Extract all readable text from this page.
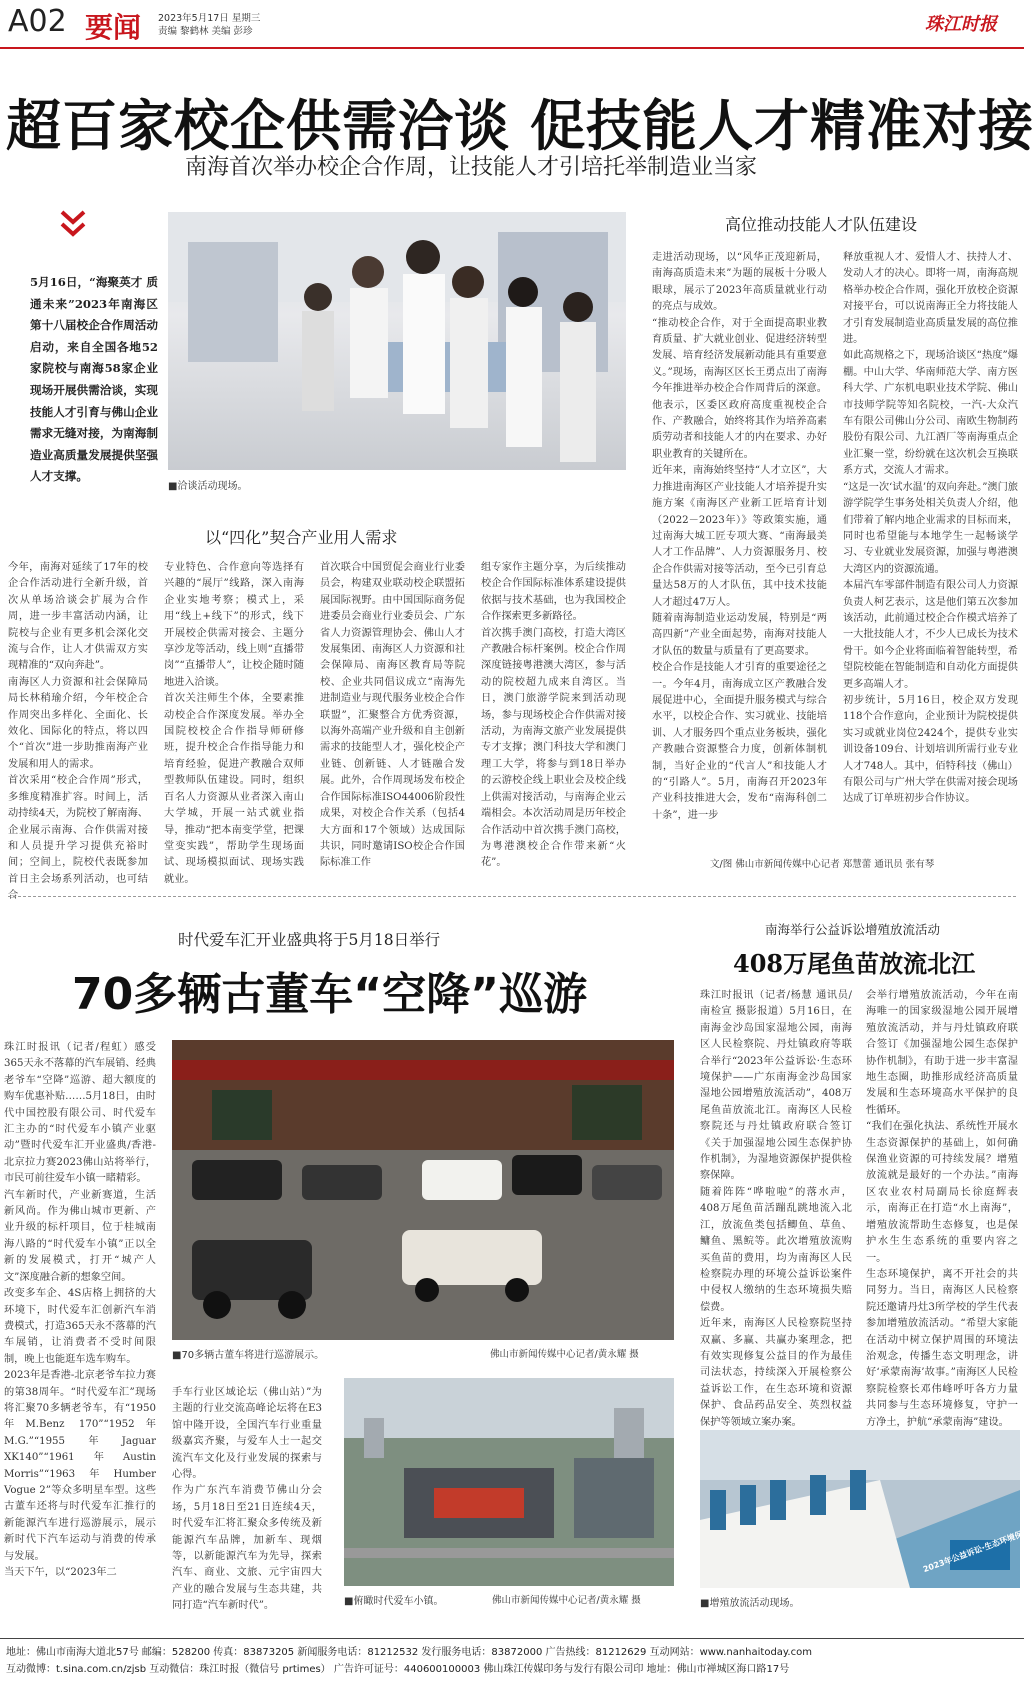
A02 要闻 2023年5月17日 星期三
责编 黎鹤林 美编 彭珍	珠江时报
超百家校企供需洽谈 促技能人才精准对接
南海首次举办校企合作周，让技能人才引培托举制造业当家
5月16日，“海聚英才 质通未来”2023年南海区第十八届校企合作周活动启动，来自全国各地52家院校与南海58家企业现场开展供需洽谈，实现技能人才引育与佛山企业需求无缝对接，为南海制造业高质量发展提供坚强人才支撑。
■洽谈活动现场。
以“四化”契合产业用人需求
高位推动技能人才队伍建设
今年，南海对延续了17年的校企合作活动进行全新升级，首次从单场洽谈会扩展为合作周，进一步丰富活动内涵，让院校与企业有更多机会深化交流与合作，让人才供需双方实现精准的“双向奔赴”。
南海区人力资源和社会保障局局长林稍瑜介绍，今年校企合作周突出多样化、全面化、长效化、国际化的特点，将以四个“首次”进一步助推南海产业发展和用人的需求。
首次采用“校企合作周”形式，多维度精准扩容。时间上，活动持续4天，为院校了解南海、企业展示南海、合作供需对接和人员提升学习提供充裕时间；空间上，院校代表既参加首日主会场系列活动，也可结合
专业特色、合作意向等选择有兴趣的“展厅”线路，深入南海企业实地考察；模式上，采用“线上+线下”的形式，线下开展校企供需对接会、主题分享沙龙等活动，线上则“直播带岗”“直播带人”，让校企随时随地进入洽谈。
首次关注师生个体，全要素推动校企合作深度发展。举办全国院校校企合作指导师研修班，提升校企合作指导能力和培育经验，促进产教融合双师型教师队伍建设。同时，组织百名人力资源从业者深入南山大学城，开展一站式就业指导，推动“把本南变学堂，把课堂变实践”，帮助学生现场面试、现场模拟面试、现场实践就业。
首次联合中国贸促会商业行业委员会，构建双业联动校企联盟拓展国际视野。由中国国际商务促进委员会商业行业委员会、广东省人力资源管理协会、佛山人才发展集团、南海区人力资源和社会保障局、南海区教育局等院校、企业共同倡议成立“南海先进制造业与现代服务业校企合作联盟”，汇聚整合方优秀资源，以海外高端产业升级和自主创新需求的技能型人才，强化校企产业链、创新链、人才链融合发展。此外，合作周现场发布校企合作国际标准ISO44006阶段性成果，对校企合作关系（包括4大方面和17个领域）达成国际共识，同时邀请ISO校企合作国际标准工作
组专家作主题分享，为后续推动校企合作国际标准体系建设提供依据与技术基础，也为我国校企合作探索更多新路径。
首次携手澳门高校，打造大湾区产教融合标杆案例。校企合作周深度链接粤港澳大湾区，参与活动的院校超九成来自湾区。当日，澳门旅游学院来到活动现场，参与现场校企合作供需对接活动，为南海文旅产业发展提供专才支撑；澳门科技大学和澳门理工大学，将参与到18日举办的云游校企线上职业会及校企线上供需对接活动，与南海企业云端相会。本次活动周是历年校企合作活动中首次携手澳门高校，为粤港澳校企合作带来新“火花”。
走进活动现场，以“风华正茂迎新局，南海高质造未来”为题的展板十分吸人眼球，展示了2023年高质量就业行动的亮点与成效。
“推动校企合作，对于全面提高职业教育质量、扩大就业创业、促进经济转型发展、培育经济发展新动能具有重要意义。”现场，南海区区长王勇点出了南海今年推进举办校企合作周背后的深意。他表示，区委区政府高度重视校企合作、产教融合，始终将其作为培养高素质劳动者和技能人才的内在要求、办好职业教育的关键所在。
近年来，南海始终坚持“人才立区”，大力推进南海区产业技能人才培养提升实施方案《南海区产业新工匠培育计划（2022－2023年）》等政策实施，通过南海大城工匠专项大赛、“南海最美人才工作品牌”、人力资源服务月、校企合作供需对接等活动，至今已引育总量达58万的人才队伍，其中技术技能人才超过47万人。
随着南海制造业运动发展，特别是“两高四新”产业全面起势，南海对技能人才队伍的数量与质量有了更高要求。
校企合作是技能人才引育的重要途径之一。今年4月，南海成立区产教融合发展促进中心，全面提升服务模式与综合水平，以校企合作、实习就业、技能培训、人才服务四个重点业务板块，强化产教融合资源整合力度，创新体制机制，当好企业的“代言人”和技能人才的“引路人”。5月，南海召开2023年产业科技推进大会，发布“南海科创二十条”，进一步
释放重视人才、爱惜人才、扶持人才、发动人才的决心。即将一周，南海高规格举办校企合作周，强化开放校企资源对接平台，可以说南海正全力将技能人才引育发展制造业高质量发展的高位推进。
如此高规格之下，现场洽谈区“热度”爆棚。中山大学、华南师范大学、南方医科大学、广东机电职业技术学院、佛山市技师学院等知名院校，一汽-大众汽车有限公司佛山分公司、南欧生物制药股份有限公司、九江酒厂等南海重点企业汇聚一堂，纷纷就在这次机会互换联系方式，交流人才需求。
“这是一次‘试水温’的双向奔赴。”澳门旅游学院学生事务处相关负责人介绍，他们带着了解内地企业需求的目标而来，同时也希望能与本地学生一起畅谈学习、专业就业发展资源，加强与粤港澳大湾区内的资源流通。
本届汽车零部件制造有限公司人力资源负责人柯艺表示，这是他们第五次参加该活动，此前通过校企合作模式培养了一大批技能人才，不少人已成长为技术骨干。如今企业将面临着智能转型，希望院校能在智能制造和自动化方面提供更多高端人才。
初步统计，5月16日，校企双方发现118个合作意向，企业预计为院校提供实习或就业岗位2424个，提供专业实训设备109台、计划培训所需行业专业人才748人。其中，佰特科技（佛山）有限公司与广州大学在供需对接会现场达成了订单班初步合作协议。
文/图 佛山市新闻传媒中心记者 郑慧蕾 通讯员 张有琴
时代爱车汇开业盛典将于5月18日举行
70多辆古董车“空降”巡游
珠江时报讯（记者/程虹）感受365天永不落幕的汽车展销、经典老爷车“空降”巡游、超大额度的购车优惠补贴……5月18日，由时代中国控股有限公司、时代爱车汇主办的“时代爱车小镇产业驱动”暨时代爱车汇开业盛典/香港-北京拉力赛2023佛山站将举行，市民可前往爱车小镇一睹精彩。
汽车新时代，产业新赛道，生活新风尚。作为佛山城市更新、产业升级的标杆项目，位于桂城南海八路的“时代爱车小镇”正以全新的发展模式，打开“城产人文”深度融合新的想象空间。
改变多车企、4S店格上拥挤的大环境下，时代爱车汇创新汽车消费模式，打造365天永不落幕的汽车展销，让消费者不受时间限制，晚上也能逛车选车购车。
2023年是香港-北京老爷车拉力赛的第38周年。“时代爱车汇”现场将汇聚70多辆老爷车，有“1950年M.Benz 170”“1952年M.G.”“1955年Jaguar XK140”“1961年Austin Morris”“1963年Humber Vogue 2”等众多明星车型。这些古董车还将与时代爱车汇推行的新能源汽车进行巡游展示，展示新时代下汽车运动与消费的传承与发展。
当天下午，以“2023年二
■70多辆古董车将进行巡游展示。	佛山市新闻传媒中心记者/黄永耀 摄
手车行业区域论坛（佛山站）”为主题的行业交流高峰论坛将在E3馆中隆开设，全国汽车行业重量级嘉宾齐聚，与爱车人士一起交流汽车文化及行业发展的探索与心得。
作为广东汽车消费节佛山分会场，5月18日至21日连续4天，时代爱车汇将汇聚众多传统及新能源汽车品牌，加新车、现烟等，以新能源汽车为先导，探索汽车、商业、文旅、元宇宙四大产业的融合发展与生态共建，共同打造“汽车新时代”。	■俯瞰时代爱车小镇。	佛山市新闻传媒中心记者/黄永耀 摄
南海举行公益诉讼增殖放流活动
408万尾鱼苗放流北江
珠江时报讯（记者/杨慧 通讯员/南检宣 摄影报道）5月16日，在南海金沙岛国家湿地公园，南海区人民检察院、丹灶镇政府等联合举行“2023年公益诉讼·生态环境保护——广东南海金沙岛国家湿地公园增殖放流活动”，408万尾鱼苗放流北江。南海区人民检察院还与丹灶镇政府联合签订《关于加强湿地公园生态保护协作机制》，为湿地资源保护提供检察保障。
随着阵阵“哗啦啦”的落水声，408万尾鱼苗活蹦乱跳地流入北江，放流鱼类包括鲫鱼、草鱼、鳙鱼、黑鲩等。此次增殖放流购买鱼苗的费用，均为南海区人民检察院办理的环境公益诉讼案件中侵权人缴纳的生态环境损失赔偿费。
近年来，南海区人民检察院坚持双赢、多赢、共赢办案理念，把有效实现修复公益目的作为最佳司法状态，持续深入开展检察公益诉讼工作，在生态环境和资源保护、食品药品安全、英烈权益保护等领域立案办案。

会举行增殖放流活动，今年在南海唯一的国家级湿地公园开展增殖放流活动，并与丹灶镇政府联合签订《加强湿地公园生态保护协作机制》，有助于进一步丰富湿地生态圈，助推形成经济高质量发展和生态环境高水平保护的良性循环。
“我们在强化执法、系统性开展水生态资源保护的基础上，如何确保渔业资源的可持续发展？增殖放流就是最好的一个办法。”南海区农业农村局副局长徐庭辉表示，南海正在打造“水上南海”，增殖放流帮助生态修复，也是保护水生生态系统的重要内容之一。
生态环境保护，离不开社会的共同努力。当日，南海区人民检察院还邀请丹灶3所学校的学生代表参加增殖放流活动。“希望大家能在活动中树立保护周围的环境法治观念，传播生态文明理念，讲好‘承蒙南海’故事。”南海区人民检察院检察长邓伟峰呼吁各方力量共同参与生态环境修复，守护一方净土，护航“承蒙南海”建设。
2023年公益诉讼·生态环境保护
■增殖放流活动现场。
地址：佛山市南海大道北57号 邮编：528200 传真：83873205 新闻服务电话：81212532 发行服务电话：83872000 广告热线：81212629 互动网站：www.nanhaitoday.com
互动微博：t.sina.com.cn/zjsb 互动微信：珠江时报（微信号 prtimes） 广告许可证号：440600100003 佛山珠江传媒印务与发行有限公司印 地址：佛山市禅城区海口路17号
